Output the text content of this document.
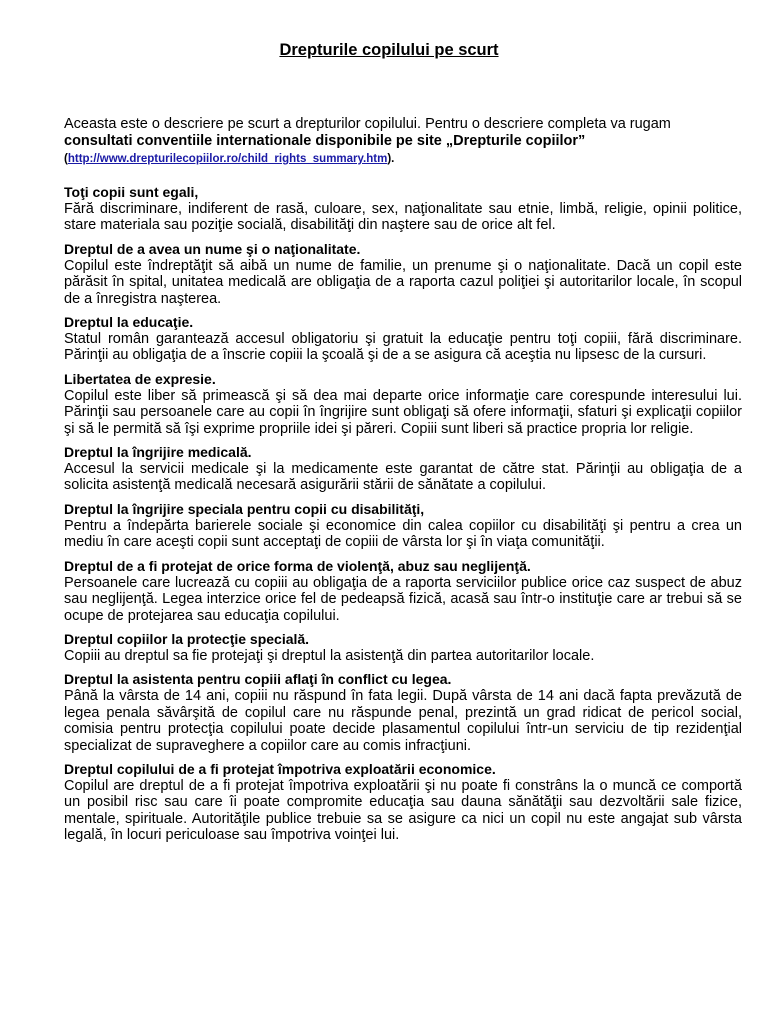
Drepturile copilului pe scurt
Aceasta este o descriere pe scurt a drepturilor copilului. Pentru o descriere completa va rugam
consultati conventiile internationale disponibile pe site „Drepturile copiilor”
(http://www.drepturilecopiilor.ro/child_rights_summary.htm).
Toţi copii sunt egali,

Fără discriminare, indiferent de rasă, culoare, sex, naţionalitate sau etnie, limbă, religie, opinii politice, stare materiala sau poziţie socială, disabilităţi din naştere sau de orice alt fel.

Dreptul de a avea un nume şi o naţionalitate.

Copilul este îndreptăţit să aibă un nume de familie, un prenume şi o naţionalitate. Dacă un copil este părăsit în spital, unitatea medicală are obligaţia de a raporta cazul poliţiei şi autoritarilor locale, în scopul de a înregistra naşterea.

Dreptul la educaţie.

Statul român garantează accesul obligatoriu şi gratuit la educaţie pentru toţi copiii, fără discriminare. Părinţii au obligaţia de a înscrie copiii la şcoală şi de a se asigura că aceştia nu lipsesc de la cursuri.

Libertatea de expresie.

Copilul este liber să primească şi să dea mai departe orice informaţie care corespunde interesului lui. Părinţii sau persoanele care au copii în îngrijire sunt obligaţi să ofere informaţii, sfaturi şi explicaţii copiilor şi să le permită să îşi exprime propriile idei şi păreri. Copiii sunt liberi să practice propria lor religie.

Dreptul la îngrijire medicală.

Accesul la servicii medicale şi la medicamente este garantat de către stat. Părinţii au obligaţia de a solicita asistenţă medicală necesară asigurării stării de sănătate a copilului.

Dreptul la îngrijire speciala pentru copii cu disabilităţi,

Pentru a îndepărta barierele sociale şi economice din calea copiilor cu disabilităţi şi pentru a crea un mediu în care aceşti copii sunt acceptaţi de copiii de vârsta lor şi în viaţa comunităţii.

Dreptul de a fi protejat de orice forma de violenţă, abuz sau neglijenţă.

Persoanele care lucrează cu copiii au obligaţia de a raporta serviciilor publice orice caz suspect de abuz sau neglijenţă. Legea interzice orice fel de pedeapsă fizică, acasă sau într-o instituţie care ar trebui să se ocupe de protejarea sau educaţia copilului.

Dreptul copiilor la protecţie specială.

Copiii au dreptul sa fie protejaţi şi dreptul la asistenţă din partea autoritarilor locale.

Dreptul la asistenta pentru copiii aflaţi în conflict cu legea.

Până la vârsta de 14 ani, copiii nu răspund în fata legii. După vârsta de 14 ani dacă fapta prevăzută de legea penala săvârşită de copilul care nu răspunde penal, prezintă un grad ridicat de pericol social, comisia pentru protecţia copilului poate decide plasamentul copilului într-un serviciu de tip rezidenţial specializat de supraveghere a copiilor care au comis infracţiuni.

Dreptul copilului de a fi protejat împotriva exploatării economice.

Copilul are dreptul de a fi protejat împotriva exploatării şi nu poate fi constrâns la o muncă ce comportă un posibil risc sau care îi poate compromite educaţia sau dauna sănătăţii sau dezvoltării sale fizice, mentale, spirituale. Autorităţile publice trebuie sa se asigure ca nici un copil nu este angajat sub vârsta legală, în locuri periculoase sau împotriva voinţei lui.
